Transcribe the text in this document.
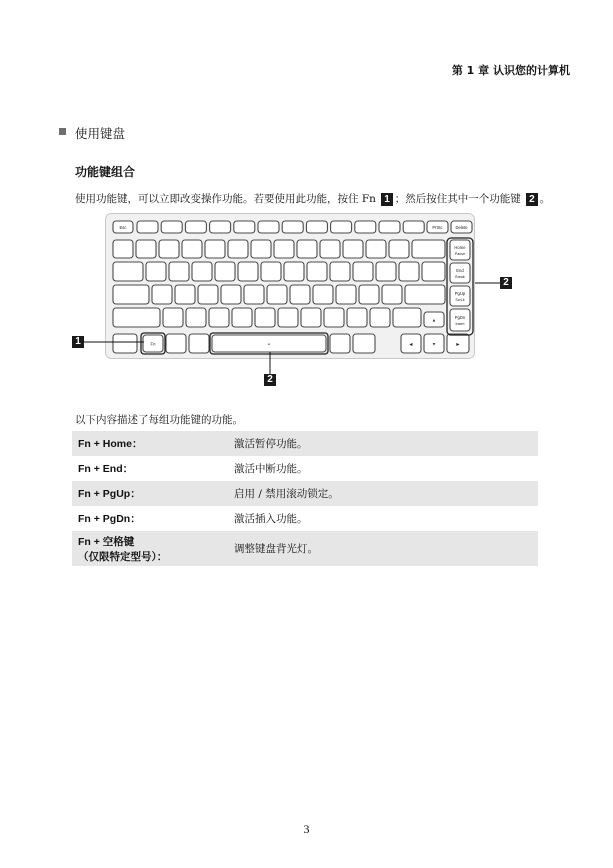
第 1 章 认识您的计算机
使用键盘
功能键组合
使用功能键，可以立即改变操作功能。若要使用此功能，按住 Fn 1 ；然后按住其中一个功能键 2 。
Esc	PrtSc	Delete
▲
Fn	≡	◀	▼	▶
Home
Pause
End
Break
PgUp
ScrLk
PgDn
Insert
1
2
2
以下内容描述了每组功能键的功能。
Fn + Home：	激活暂停功能。
Fn + End：	激活中断功能。
Fn + PgUp：	启用 / 禁用滚动锁定。
Fn + PgDn：	激活插入功能。

Fn + 空格键
（仅限特定型号）：	调整键盘背光灯。
3
